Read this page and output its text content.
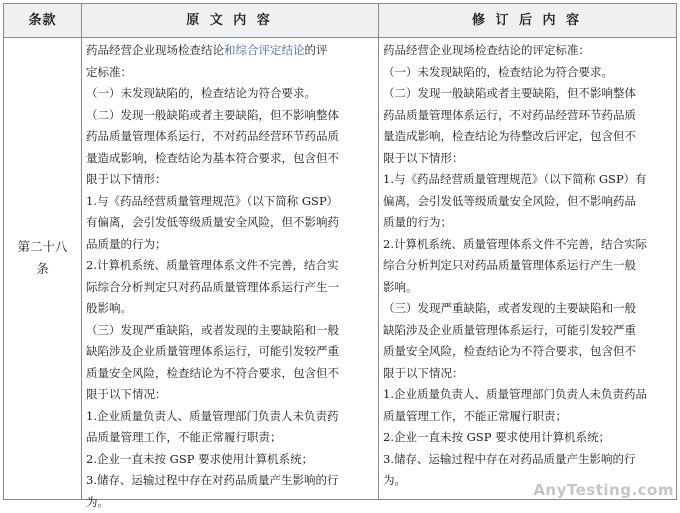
条款	原 文 内 容	修 订 后 内 容
第二十八
条

药品经营企业现场检查结论和综合评定结论的评

定标准：

（一）未发现缺陷的，检查结论为符合要求。

（二）发现一般缺陷或者主要缺陷，但不影响整体

药品质量管理体系运行，不对药品经营环节药品质

量造成影响，检查结论为基本符合要求，包含但不

限于以下情形：

1.与《药品经营质量管理规范》（以下简称 GSP）

有偏离，会引发低等级质量安全风险，但不影响药

品质量的行为；

2.计算机系统、质量管理体系文件不完善，结合实

际综合分析判定只对药品质量管理体系运行产生一

般影响。

（三）发现严重缺陷，或者发现的主要缺陷和一般

缺陷涉及企业质量管理体系运行，可能引发较严重

质量安全风险，检查结论为不符合要求，包含但不

限于以下情况：

1.企业质量负责人、质量管理部门负责人未负责药

品质量管理工作，不能正常履行职责；

2.企业一直未按 GSP 要求使用计算机系统；

3.储存、运输过程中存在对药品质量产生影响的行

为。

药品经营企业现场检查结论的评定标准：

（一）未发现缺陷的，检查结论为符合要求。

（二）发现一般缺陷或者主要缺陷，但不影响整体

药品质量管理体系运行，不对药品经营环节药品质

量造成影响，检查结论为待整改后评定，包含但不

限于以下情形：

1.与《药品经营质量管理规范》（以下简称 GSP）有

偏离，会引发低等级质量安全风险，但不影响药品

质量的行为；

2.计算机系统、质量管理体系文件不完善，结合实际

综合分析判定只对药品质量管理体系运行产生一般

影响。

（三）发现严重缺陷，或者发现的主要缺陷和一般

缺陷涉及企业质量管理体系运行，可能引发较严重

质量安全风险，检查结论为不符合要求，包含但不

限于以下情况：

1.企业质量负责人、质量管理部门负责人未负责药品

质量管理工作，不能正常履行职责；

2.企业一直未按 GSP 要求使用计算机系统；

3.储存、运输过程中存在对药品质量产生影响的行

为。

AnyTesting.com
